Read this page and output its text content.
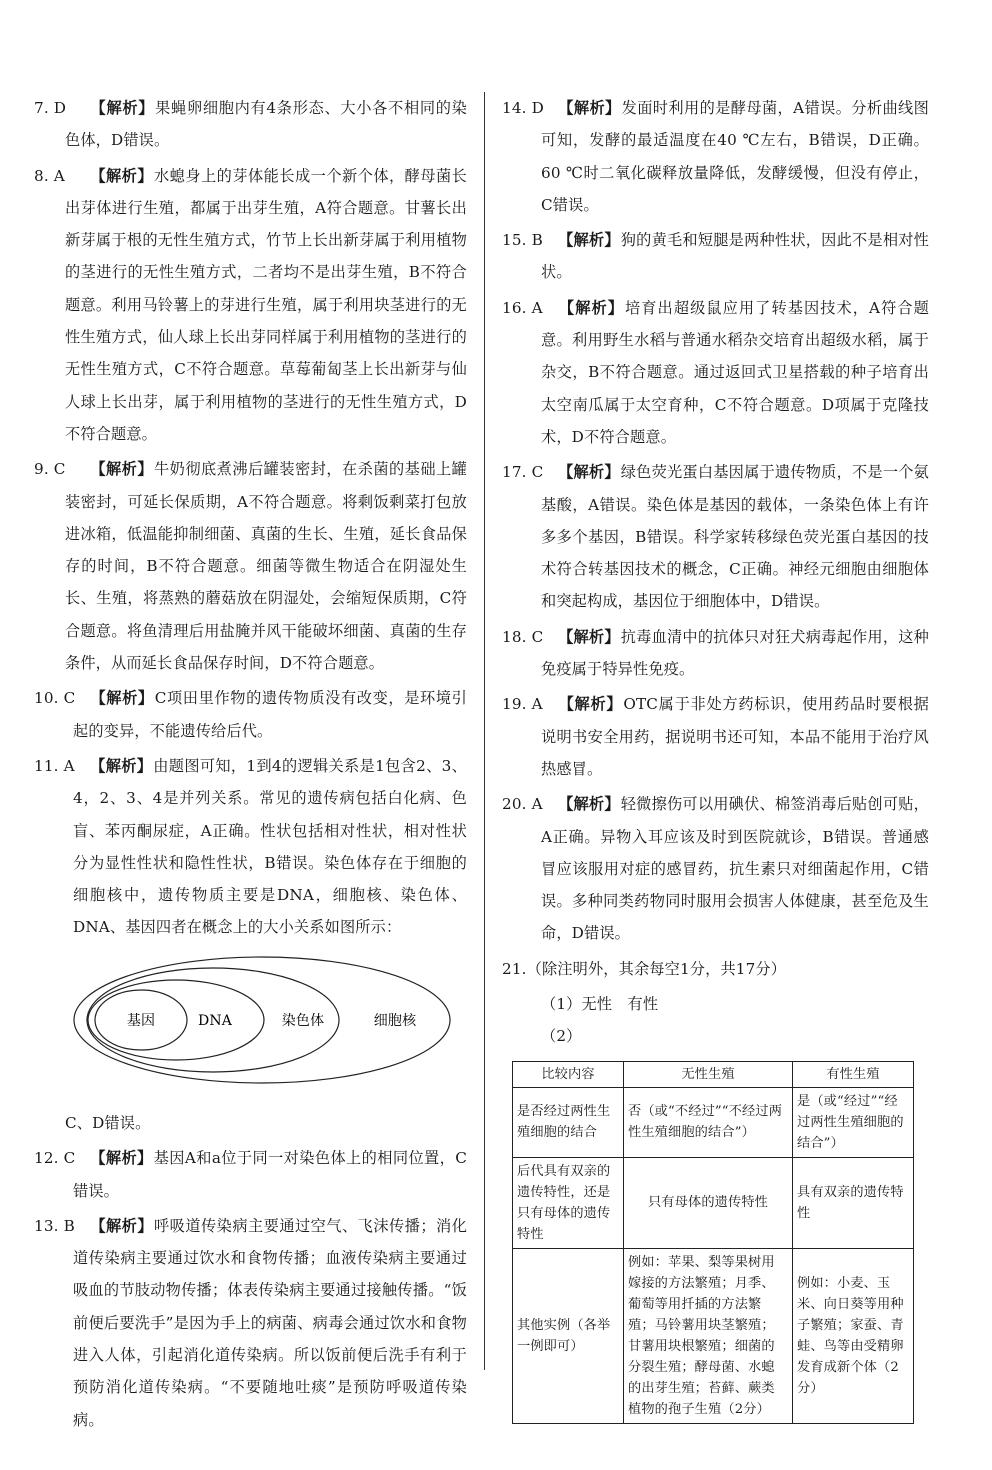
7. D 【解析】果蝇卵细胞内有4条形态、大小各不相同的染色体，D错误。

8. A 【解析】水螅身上的芽体能长成一个新个体，酵母菌长出芽体进行生殖，都属于出芽生殖，A符合题意。甘薯长出新芽属于根的无性生殖方式，竹节上长出新芽属于利用植物的茎进行的无性生殖方式，二者均不是出芽生殖，B不符合题意。利用马铃薯上的芽进行生殖，属于利用块茎进行的无性生殖方式，仙人球上长出芽同样属于利用植物的茎进行的无性生殖方式，C不符合题意。草莓葡匐茎上长出新芽与仙人球上长出芽，属于利用植物的茎进行的无性生殖方式，D不符合题意。

9. C 【解析】牛奶彻底煮沸后罐装密封，在杀菌的基础上罐装密封，可延长保质期，A不符合题意。将剩饭剩菜打包放进冰箱，低温能抑制细菌、真菌的生长、生殖，延长食品保存的时间，B不符合题意。细菌等微生物适合在阴湿处生长、生殖，将蒸熟的蘑菇放在阴湿处，会缩短保质期，C符合题意。将鱼清理后用盐腌并风干能破坏细菌、真菌的生存条件，从而延长食品保存时间，D不符合题意。

10. C 【解析】C项田里作物的遗传物质没有改变，是环境引起的变异，不能遗传给后代。

11. A 【解析】由题图可知，1到4的逻辑关系是1包含2、3、4，2、3、4是并列关系。常见的遗传病包括白化病、色盲、苯丙酮尿症，A正确。性状包括相对性状，相对性状分为显性性状和隐性性状，B错误。染色体存在于细胞的细胞核中，遗传物质主要是DNA，细胞核、染色体、DNA、基因四者在概念上的大小关系如图所示：

基因	DNA	染色体	细胞核

C、D错误。

12. C 【解析】基因A和a位于同一对染色体上的相同位置，C错误。

13. B 【解析】呼吸道传染病主要通过空气、飞沫传播；消化道传染病主要通过饮水和食物传播；血液传染病主要通过吸血的节肢动物传播；体表传染病主要通过接触传播。“饭前便后要洗手”是因为手上的病菌、病毒会通过饮水和食物进入人体，引起消化道传染病。所以饭前便后洗手有利于预防消化道传染病。“不要随地吐痰”是预防呼吸道传染病。

14. D 【解析】发面时利用的是酵母菌，A错误。分析曲线图可知，发酵的最适温度在40 ℃左右，B错误，D正确。60 ℃时二氧化碳释放量降低，发酵缓慢，但没有停止，C错误。

15. B 【解析】狗的黄毛和短腿是两种性状，因此不是相对性状。

16. A 【解析】培育出超级鼠应用了转基因技术，A符合题意。利用野生水稻与普通水稻杂交培育出超级水稻，属于杂交，B不符合题意。通过返回式卫星搭载的种子培育出太空南瓜属于太空育种，C不符合题意。D项属于克隆技术，D不符合题意。

17. C 【解析】绿色荧光蛋白基因属于遗传物质，不是一个氨基酸，A错误。染色体是基因的载体，一条染色体上有许多多个基因，B错误。科学家转移绿色荧光蛋白基因的技术符合转基因技术的概念，C正确。神经元细胞由细胞体和突起构成，基因位于细胞体中，D错误。

18. C 【解析】抗毒血清中的抗体只对狂犬病毒起作用，这种免疫属于特异性免疫。

19. A 【解析】OTC属于非处方药标识，使用药品时要根据说明书安全用药，据说明书还可知，本品不能用于治疗风热感冒。

20. A 【解析】轻微擦伤可以用碘伏、棉签消毒后贴创可贴，A正确。异物入耳应该及时到医院就诊，B错误。普通感冒应该服用对症的感冒药，抗生素只对细菌起作用，C错误。多种同类药物同时服用会损害人体健康，甚至危及生命，D错误。

21.（除注明外，其余每空1分，共17分）

（1）无性　有性

（2）

比较内容	无性生殖	有性生殖
是否经过两性生殖细胞的结合	否（或“不经过”“不经过两性生殖细胞的结合”）	是（或“经过”“经过两性生殖细胞的结合”）
后代具有双亲的遗传特性，还是只有母体的遗传特性	只有母体的遗传特性	具有双亲的遗传特性
其他实例（各举一例即可）	例如：苹果、梨等果树用嫁接的方法繁殖；月季、葡萄等用扦插的方法繁殖；马铃薯用块茎繁殖；甘薯用块根繁殖；细菌的分裂生殖；酵母菌、水螅的出芽生殖；苔藓、蕨类植物的孢子生殖（2分）	例如：小麦、玉米、向日葵等用种子繁殖；家蚕、青蛙、鸟等由受精卵发育成新个体（2分）
